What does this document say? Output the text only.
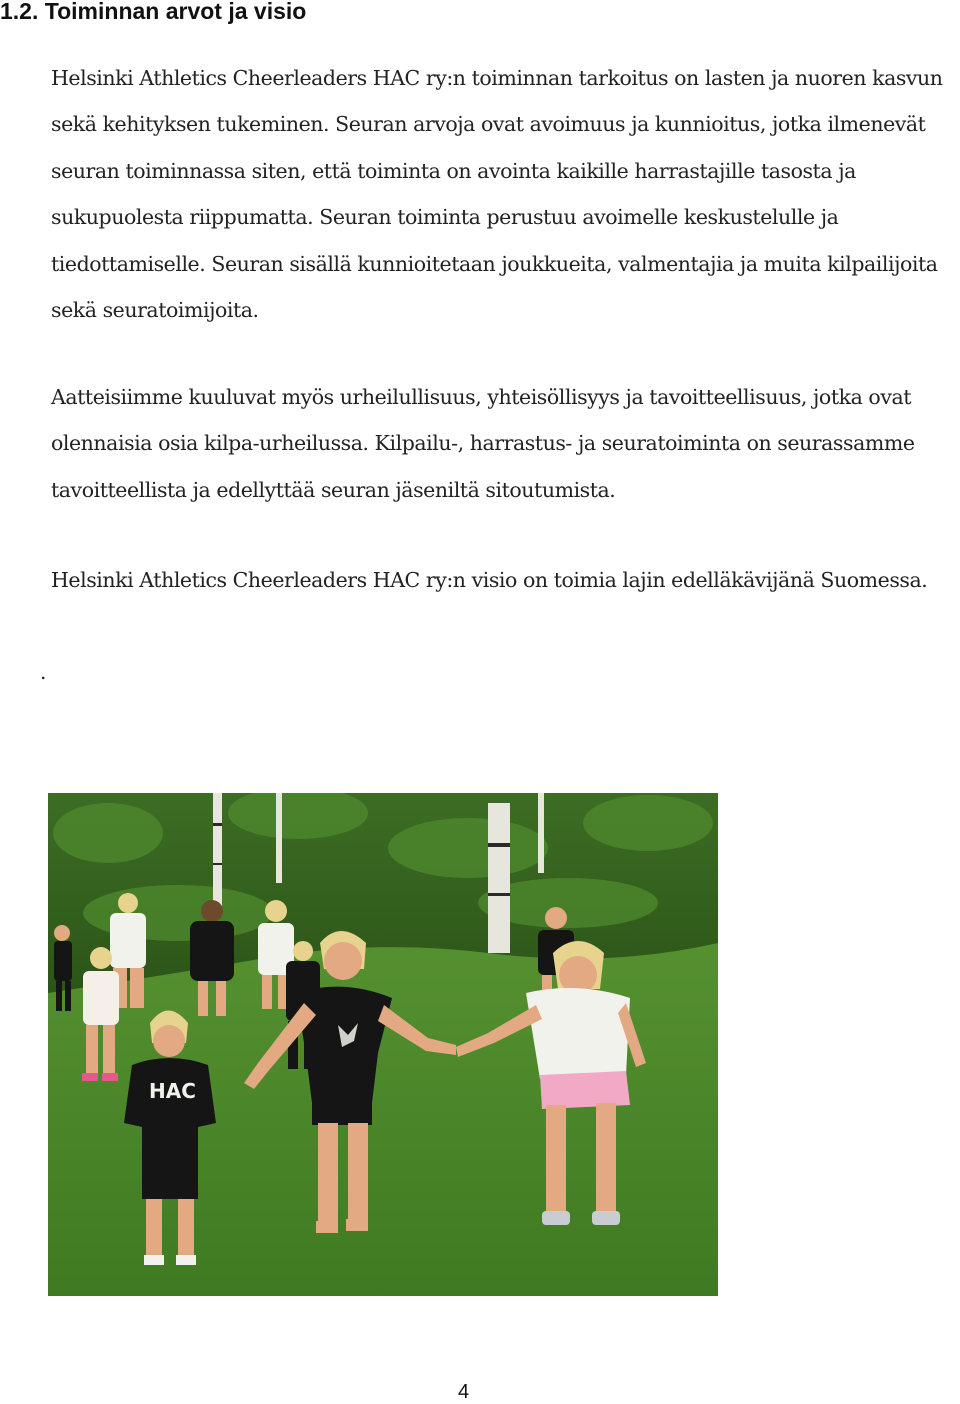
1.2. Toiminnan arvot ja visio

Helsinki Athletics Cheerleaders HAC ry:n toiminnan tarkoitus on lasten ja nuoren kasvun sekä kehityksen tukeminen. Seuran arvoja ovat avoimuus ja kunnioitus, jotka ilmenevät seuran toiminnassa siten, että toiminta on avointa kaikille harrastajille tasosta ja sukupuolesta riippumatta. Seuran toiminta perustuu avoimelle keskustelulle ja tiedottamiselle. Seuran sisällä kunnioitetaan joukkueita, valmentajia ja muita kilpailijoita sekä seuratoimijoita.

Aatteisiimme kuuluvat myös urheilullisuus, yhteisöllisyys ja tavoitteellisuus, jotka ovat olennaisia osia kilpa-urheilussa. Kilpailu-, harrastus- ja seuratoiminta on seurassamme tavoitteellista ja edellyttää seuran jäseniltä sitoutumista.

Helsinki Athletics Cheerleaders HAC ry:n visio on toimia lajin edelläkävijänä Suomessa.

.
HAC
4
